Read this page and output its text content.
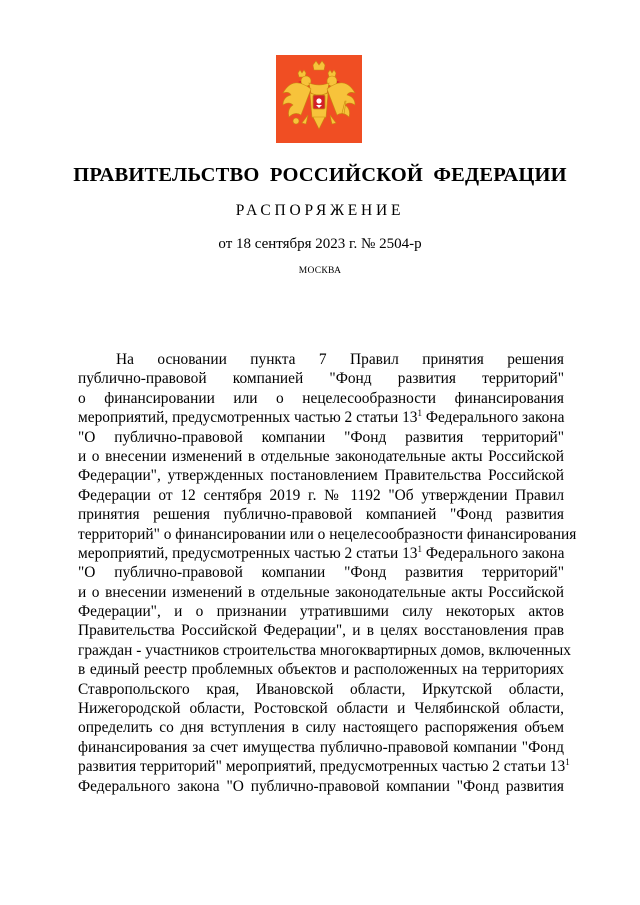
ПРАВИТЕЛЬСТВО РОССИЙСКОЙ ФЕДЕРАЦИИ
РАСПОРЯЖЕНИЕ
от 18 сентября 2023 г. № 2504-р
МОСКВА
На основании пункта 7 Правил принятия решения
публично-правовой компанией "Фонд развития территорий"
о финансировании или о нецелесообразности финансирования
мероприятий, предусмотренных частью 2 статьи $13^1$ Федерального закона
"О публично-правовой компании "Фонд развития территорий"
и о внесении изменений в отдельные законодательные акты Российской
Федерации", утвержденных постановлением Правительства Российской
Федерации от 12 сентября 2019 г. № 1192 "Об утверждении Правил
принятия решения публично-правовой компанией "Фонд развития
территорий" о финансировании или о нецелесообразности финансирования
мероприятий, предусмотренных частью 2 статьи $13^1$ Федерального закона
"О публично-правовой компании "Фонд развития территорий"
и о внесении изменений в отдельные законодательные акты Российской
Федерации", и о признании утратившими силу некоторых актов
Правительства Российской Федерации", и в целях восстановления прав
граждан - участников строительства многоквартирных домов, включенных
в единый реестр проблемных объектов и расположенных на территориях
Ставропольского края, Ивановской области, Иркутской области,
Нижегородской области, Ростовской области и Челябинской области,
определить со дня вступления в силу настоящего распоряжения объем
финансирования за счет имущества публично-правовой компании "Фонд
развития территорий" мероприятий, предусмотренных частью 2 статьи $13^1$
Федерального закона "О публично-правовой компании "Фонд развития
